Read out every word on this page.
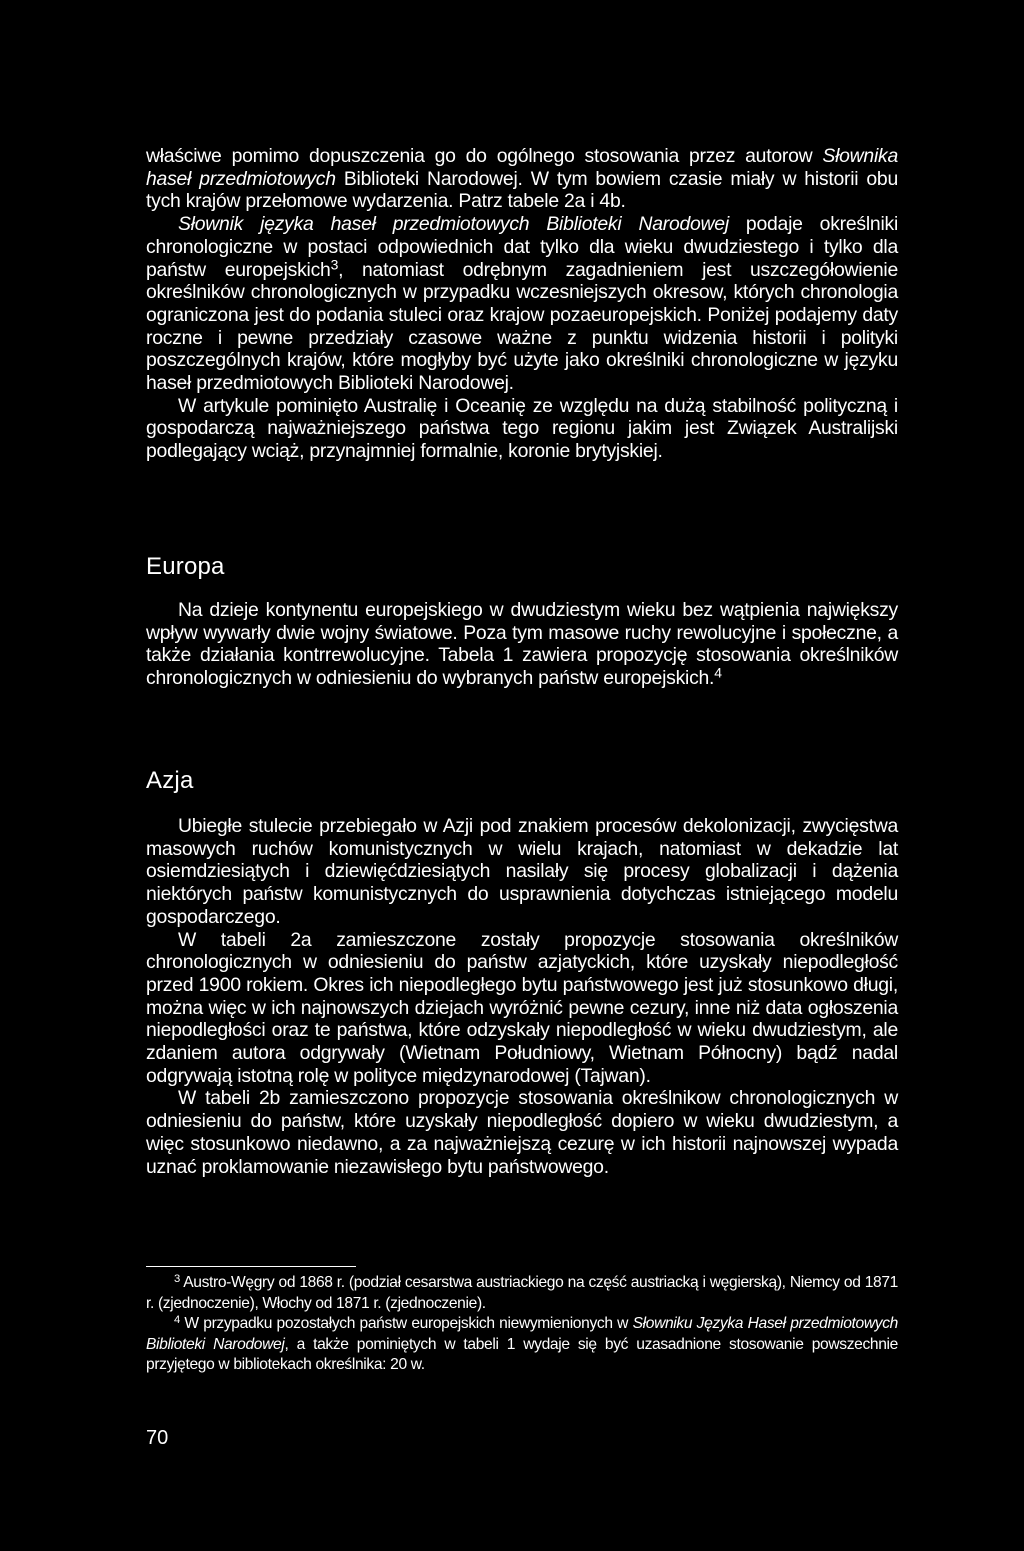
właściwe pomimo dopuszczenia go do ogólnego stosowania przez autorow Słownika haseł przedmiotowych Biblioteki Narodowej. W tym bowiem czasie miały w historii obu tych krajów przełomowe wydarzenia. Patrz tabele 2a i 4b.

Słownik języka haseł przedmiotowych Biblioteki Narodowej podaje określniki chronologiczne w postaci odpowiednich dat tylko dla wieku dwudziestego i tylko dla państw europejskich$^3$, natomiast odrębnym zagadnieniem jest uszczegółowienie określników chronologicznych w przypadku wczesniejszych okresow, których chronologia ograniczona jest do podania stuleci oraz krajow pozaeuropejskich. Poniżej podajemy daty roczne i pewne przedziały czasowe ważne z punktu widzenia historii i polityki poszczególnych krajów, które mogłyby być użyte jako określniki chronologiczne w języku haseł przedmiotowych Biblioteki Narodowej.

W artykule pominięto Australię i Oceanię ze względu na dużą stabilność polityczną i gospodarczą najważniejszego państwa tego regionu jakim jest Związek Australijski podlegający wciąż, przynajmniej formalnie, koronie brytyjskiej.

Europa

Na dzieje kontynentu europejskiego w dwudziestym wieku bez wątpienia największy wpływ wywarły dwie wojny światowe. Poza tym masowe ruchy rewolucyjne i społeczne, a także działania kontrrewolucyjne. Tabela 1 zawiera propozycję stosowania określników chronologicznych w odniesieniu do wybranych państw europejskich.$^4$

Azja

Ubiegłe stulecie przebiegało w Azji pod znakiem procesów dekolonizacji, zwycięstwa masowych ruchów komunistycznych w wielu krajach, natomiast w dekadzie lat osiemdziesiątych i dziewięćdziesiątych nasilały się procesy globalizacji i dążenia niektórych państw komunistycznych do usprawnienia dotychczas istniejącego modelu gospodarczego.

W tabeli 2a zamieszczone zostały propozycje stosowania określników chronologicznych w odniesieniu do państw azjatyckich, które uzyskały niepodległość przed 1900 rokiem. Okres ich niepodległego bytu państwowego jest już stosunkowo długi, można więc w ich najnowszych dziejach wyróżnić pewne cezury, inne niż data ogłoszenia niepodległości oraz te państwa, które odzyskały niepodległość w wieku dwudziestym, ale zdaniem autora odgrywały (Wietnam Południowy, Wietnam Północny) bądź nadal odgrywają istotną rolę w polityce międzynarodowej (Tajwan).

W tabeli 2b zamieszczono propozycje stosowania określnikow chronologicznych w odniesieniu do państw, które uzyskały niepodległość dopiero w wieku dwudziestym, a więc stosunkowo niedawno, a za najważniejszą cezurę w ich historii najnowszej wypada uznać proklamowanie niezawisłego bytu państwowego.

$^3$ Austro-Węgry od 1868 r. (podział cesarstwa austriackiego na część austriacką i węgierską), Niemcy od 1871 r. (zjednoczenie), Włochy od 1871 r. (zjednoczenie).

$^4$ W przypadku pozostałych państw europejskich niewymienionych w Słowniku Języka Haseł przedmiotowych Biblioteki Narodowej, a także pominiętych w tabeli 1 wydaje się być uzasadnione stosowanie powszechnie przyjętego w bibliotekach określnika: 20 w.

70
